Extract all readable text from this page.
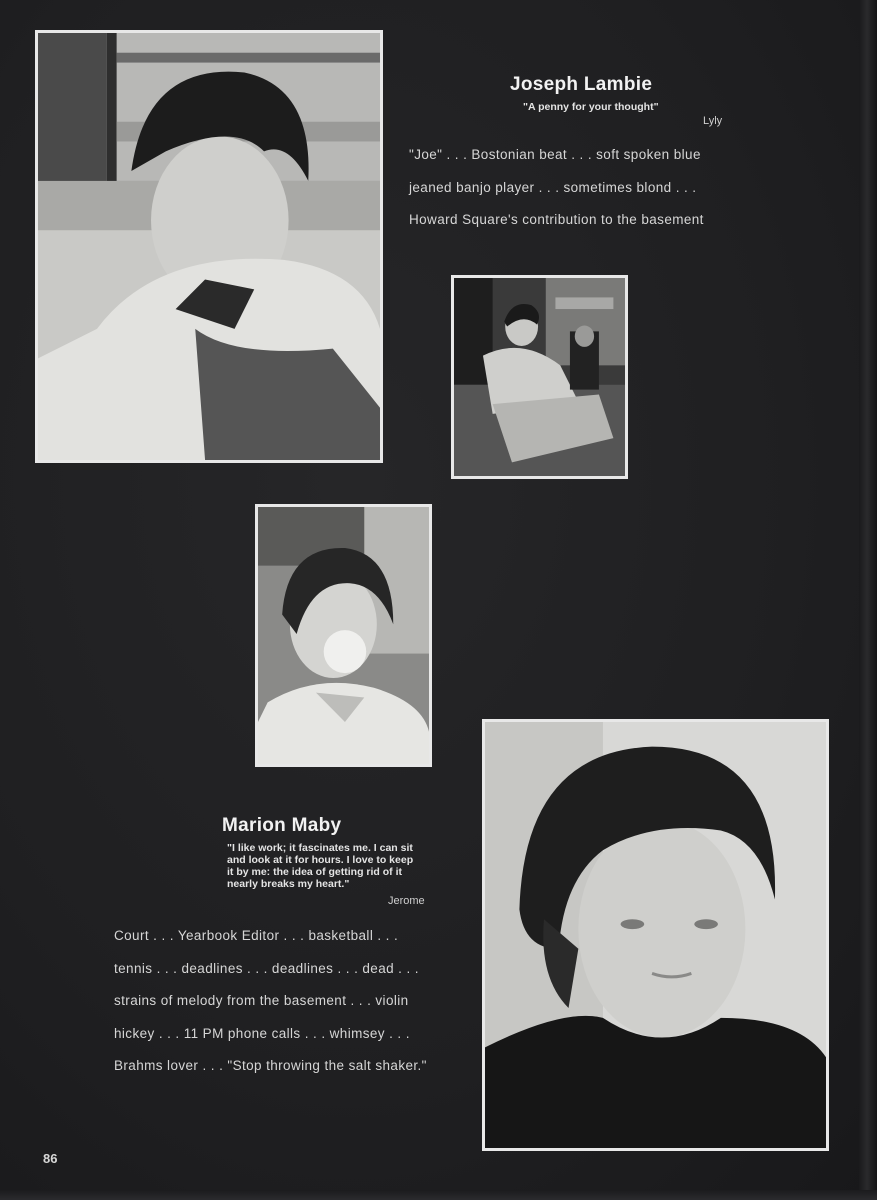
Joseph Lambie
"A penny for your thought"
Lyly
"Joe" . . . Bostonian beat . . . soft spoken blue
jeaned banjo player . . . sometimes blond . . .
Howard Square's contribution to the basement
Marion Maby
"I like work; it fascinates me. I can sit
and look at it for hours. I love to keep
it by me: the idea of getting rid of it
nearly breaks my heart."
Jerome
Court . . . Yearbook Editor . . . basketball . . .
tennis . . . deadlines . . . deadlines . . . dead . . .
strains of melody from the basement . . . violin
hickey . . . 11 PM phone calls . . . whimsey . . .
Brahms lover . . . "Stop throwing the salt shaker."
86
